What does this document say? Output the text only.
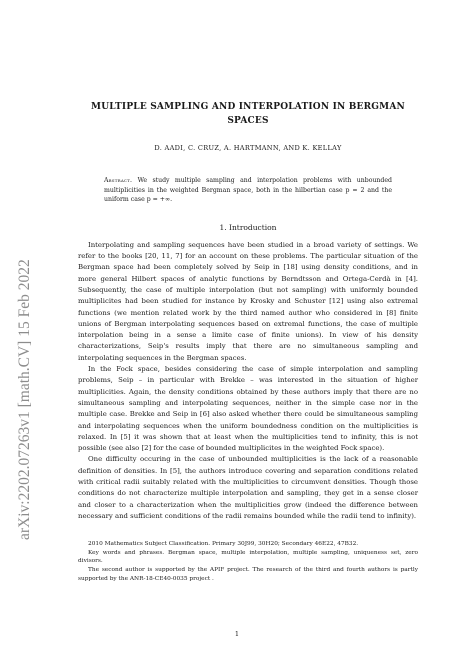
arXiv:2202.07263v1 [math.CV] 15 Feb 2022
MULTIPLE SAMPLING AND INTERPOLATION IN BERGMAN
SPACES
D. AADI, C. CRUZ, A. HARTMANN, AND K. KELLAY
Abstract. We study multiple sampling and interpolation problems with unbounded multiplicities in the weighted Bergman space, both in the hilbertian case p = 2 and the uniform case p = +∞.
1. Introduction

Interpolating and sampling sequences have been studied in a broad variety of settings. We refer to the books [20, 11, 7] for an account on these problems. The particular situation of the Bergman space had been completely solved by Seip in [18] using density conditions, and in more general Hilbert spaces of analytic functions by Berndtsson and Ortega-Cerdà in [4]. Subsequently, the case of multiple interpolation (but not sampling) with uniformly bounded multiplicites had been studied for instance by Krosky and Schuster [12] using also extremal functions (we mention related work by the third named author who considered in [8] finite unions of Bergman interpolating sequences based on extremal functions, the case of multiple interpolation being in a sense a limite case of finite unions). In view of his density characterizations, Seip's results imply that there are no simultaneous sampling and interpolating sequences in the Bergman spaces.

In the Fock space, besides considering the case of simple interpolation and sampling problems, Seip – in particular with Brekke – was interested in the situation of higher multiplicities. Again, the density conditions obtained by these authors imply that there are no simultaneous sampling and interpolating sequences, neither in the simple case nor in the multiple case. Brekke and Seip in [6] also asked whether there could be simultaneous sampling and interpolating sequences when the uniform boundedness condition on the multiplicities is relaxed. In [5] it was shown that at least when the multiplicities tend to infinity, this is not possible (see also [2] for the case of bounded multiplicites in the weighted Fock space).

One difficulty occuring in the case of unbounded multiplicities is the lack of a reasonable definition of densities. In [5], the authors introduce covering and separation conditions related with critical radii suitably related with the multiplicities to circumvent densities. Though those conditions do not characterize multiple interpolation and sampling, they get in a sense closer and closer to a characterization when the multiplicities grow (indeed the difference between necessary and sufficient conditions of the radii remains bounded while the radii tend to infinity).

2010 Mathematics Subject Classification. Primary 30J99, 30H20; Secondary 46E22, 47B32.
Key words and phrases. Bergman space, multiple interpolation, multiple sampling, uniqueness set, zero divisors.
The second author is supported by the APIF project. The research of the third and fourth authors is partly supported by the ANR-18-CE40-0035 project .
1
